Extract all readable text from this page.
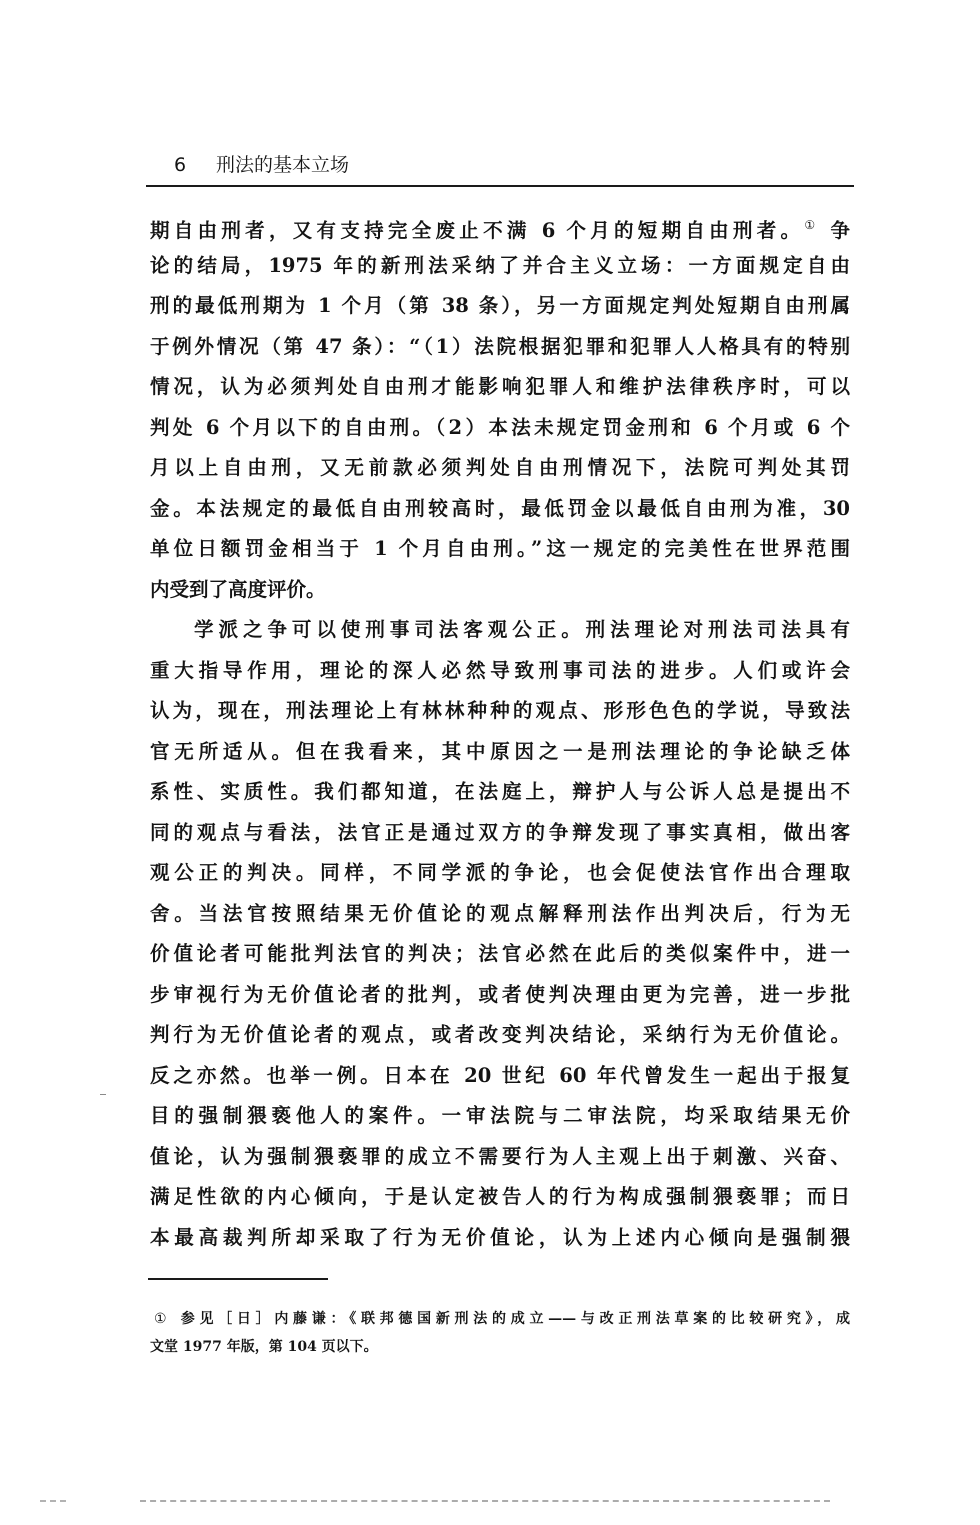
6 刑法的基本立场
期自由刑者，又有支持完全废止不满 6 个月的短期自由刑者。① 争
论的结局，1975 年的新刑法采纳了并合主义立场：一方面规定自由
刑的最低刑期为 1 个月（第 38 条），另一方面规定判处短期自由刑属
于例外情况（第 47 条）：“（1）法院根据犯罪和犯罪人人格具有的特别
情况，认为必须判处自由刑才能影响犯罪人和维护法律秩序时，可以
判处 6 个月以下的自由刑。（2）本法未规定罚金刑和 6 个月或 6 个
月以上自由刑，又无前款必须判处自由刑情况下，法院可判处其罚
金。本法规定的最低自由刑较高时，最低罚金以最低自由刑为准，30
单位日额罚金相当于 1 个月自由刑。”这一规定的完美性在世界范围
内受到了高度评价。
学派之争可以使刑事司法客观公正。刑法理论对刑法司法具有
重大指导作用，理论的深人必然导致刑事司法的进步。人们或许会
认为，现在，刑法理论上有林林种种的观点、形形色色的学说，导致法
官无所适从。但在我看来，其中原因之一是刑法理论的争论缺乏体
系性、实质性。我们都知道，在法庭上，辩护人与公诉人总是提出不
同的观点与看法，法官正是通过双方的争辩发现了事实真相，做出客
观公正的判决。同样，不同学派的争论，也会促使法官作出合理取
舍。当法官按照结果无价值论的观点解释刑法作出判决后，行为无
价值论者可能批判法官的判决；法官必然在此后的类似案件中，进一
步审视行为无价值论者的批判，或者使判决理由更为完善，进一步批
判行为无价值论者的观点，或者改变判决结论，采纳行为无价值论。
反之亦然。也举一例。日本在 20 世纪 60 年代曾发生一起出于报复
目的强制猥亵他人的案件。一审法院与二审法院，均采取结果无价
值论，认为强制猥亵罪的成立不需要行为人主观上出于刺激、兴奋、
满足性欲的内心倾向，于是认定被告人的行为构成强制猥亵罪；而日
本最高裁判所却采取了行为无价值论，认为上述内心倾向是强制猥
① 参见［日］内藤谦：《联邦德国新刑法的成立——与改正刑法草案的比较研究》，成
文堂 1977 年版，第 104 页以下。
